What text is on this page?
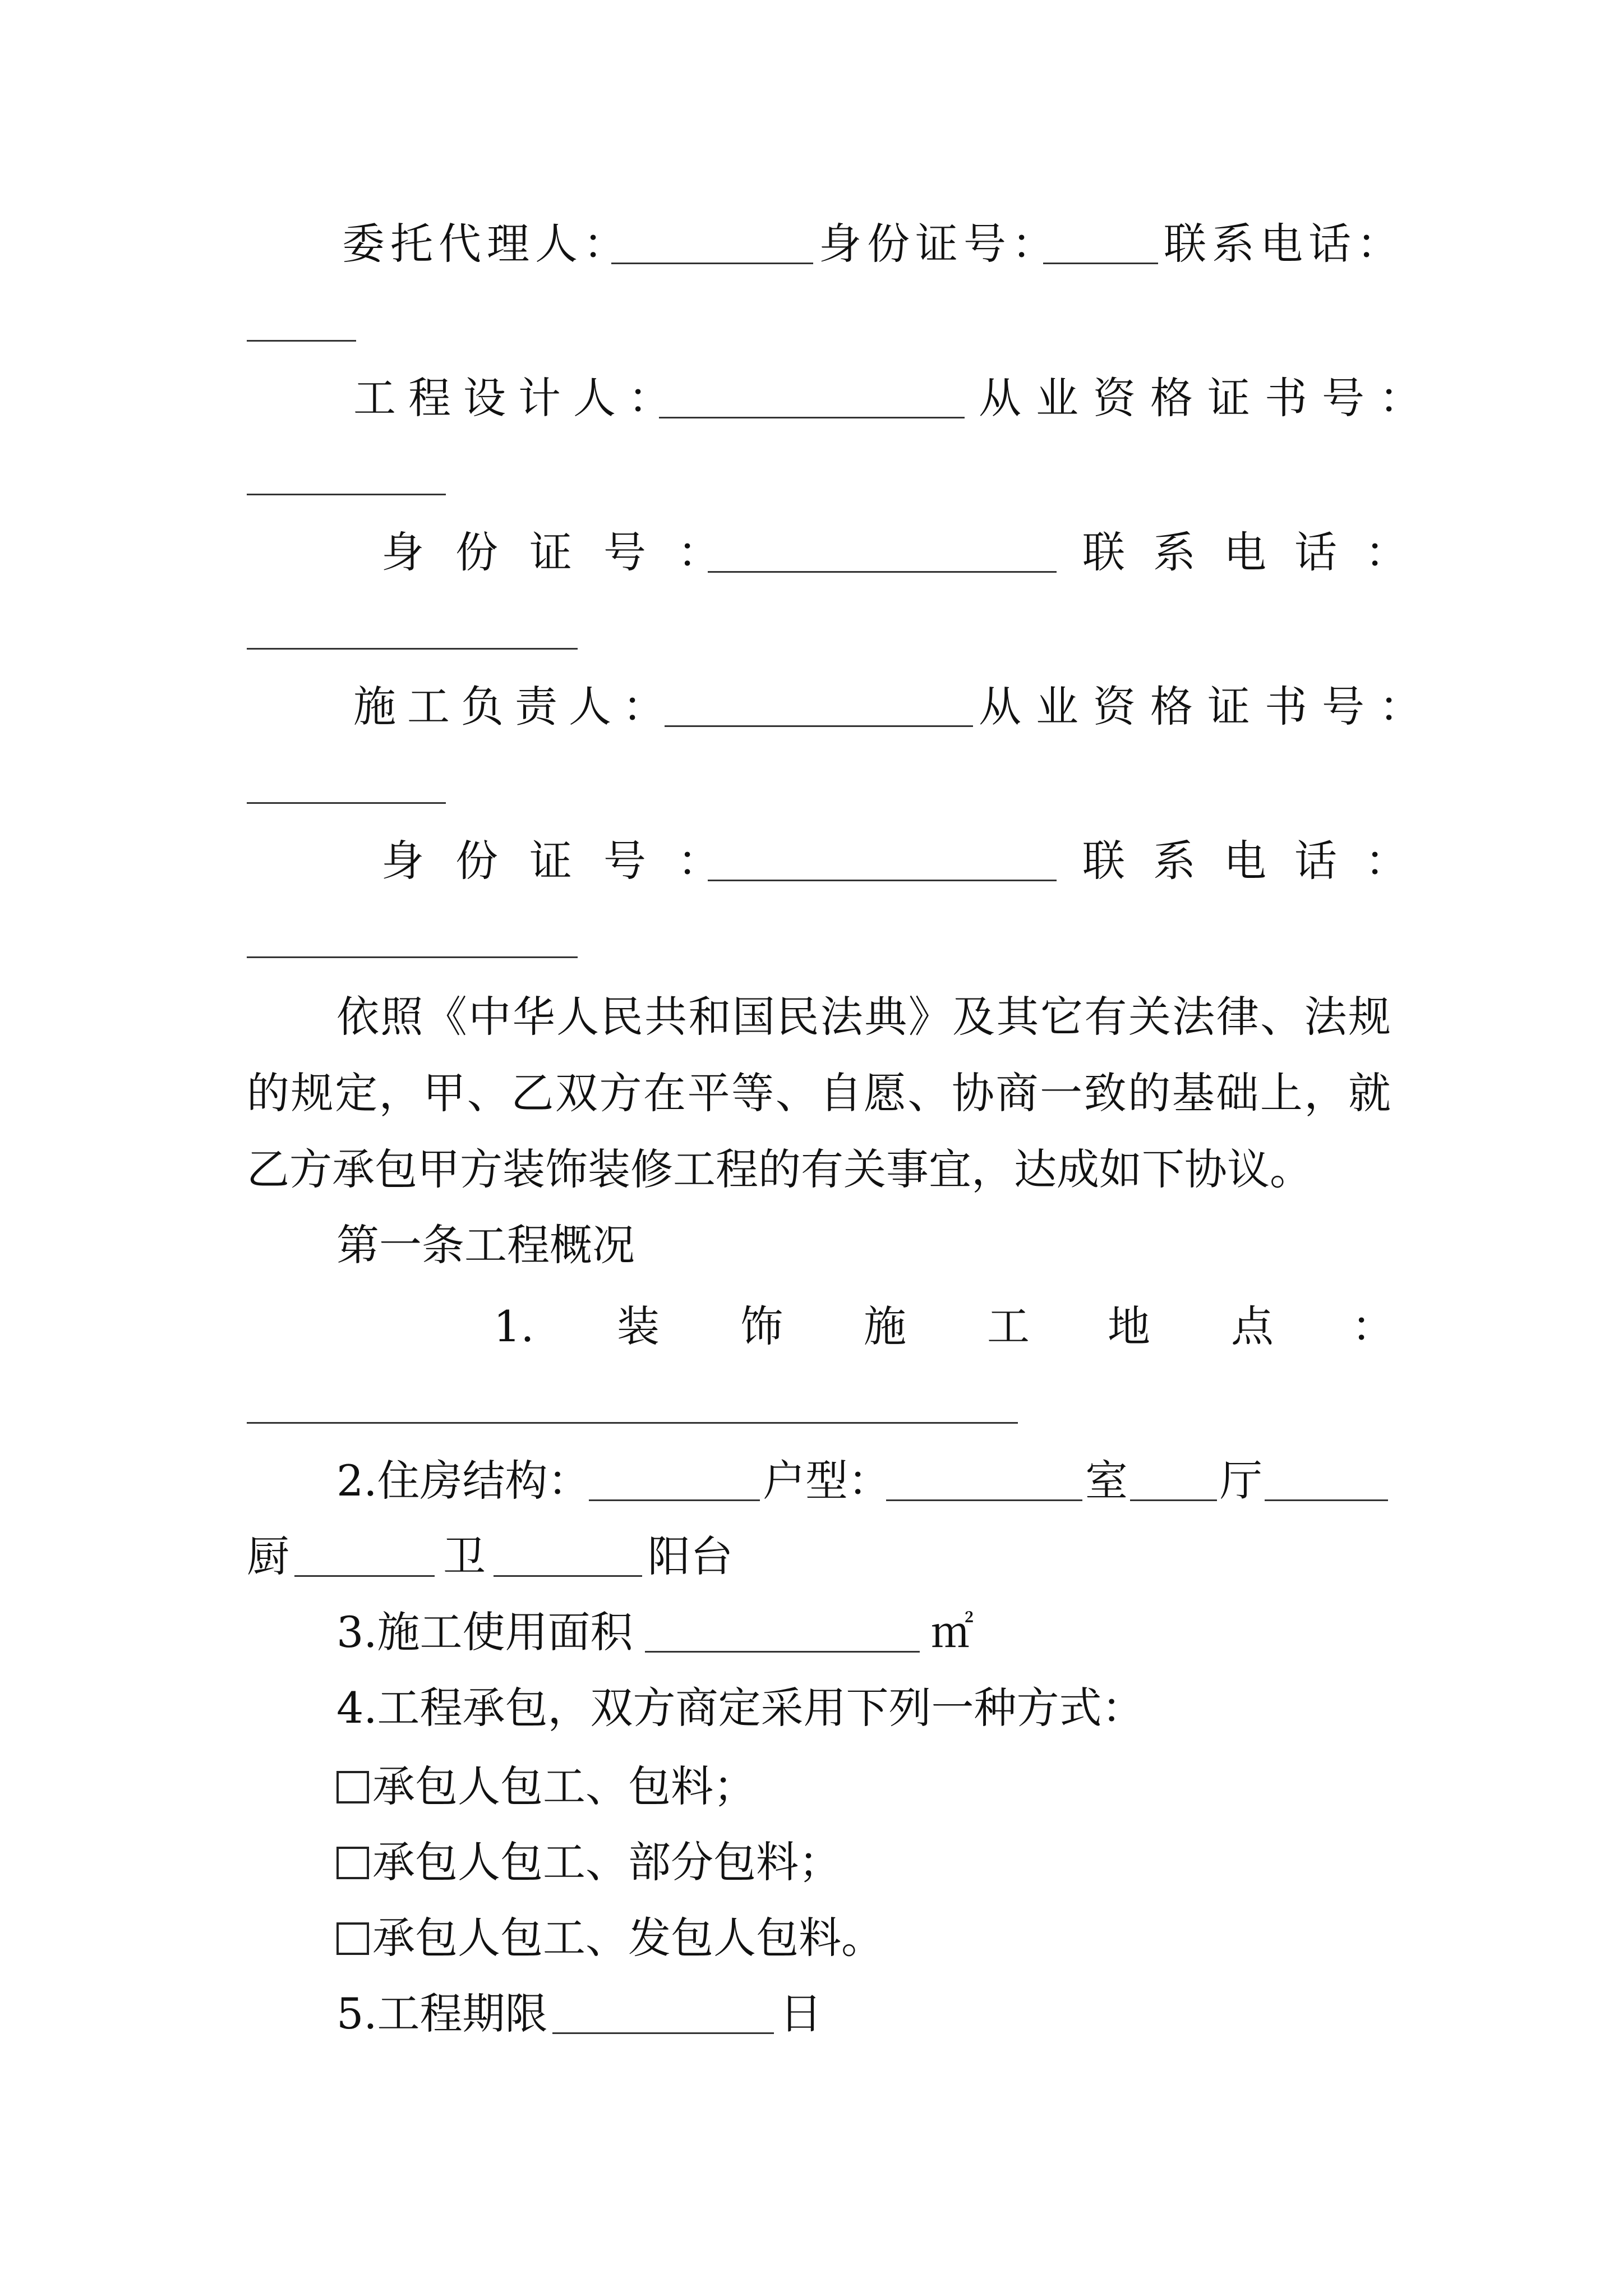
委托代理人：	身份证号： 联系电话：
工程设计人：	从业资格证书号：
身份证号：	联系电话：
施工负责人：	从业资格证书号：
身份证号：	联系电话：

依照《中华人民共和国民法典》及其它有关法律、法规的规定，甲、乙双方在平等、自愿、协商一致的基础上，就乙方承包甲方装饰装修工程的有关事宜，达成如下协议。

第一条工程概况
1. 装 饰 施 工 地 点 ：
2.住房结构：	户型：	室 厅
厨	卫	阳台
3.施工使用面积	㎡
4.工程承包，双方商定采用下列一种方式：
承包人包工、包料；
承包人包工、部分包料；
承包人包工、发包人包料。
5.工程期限	日
